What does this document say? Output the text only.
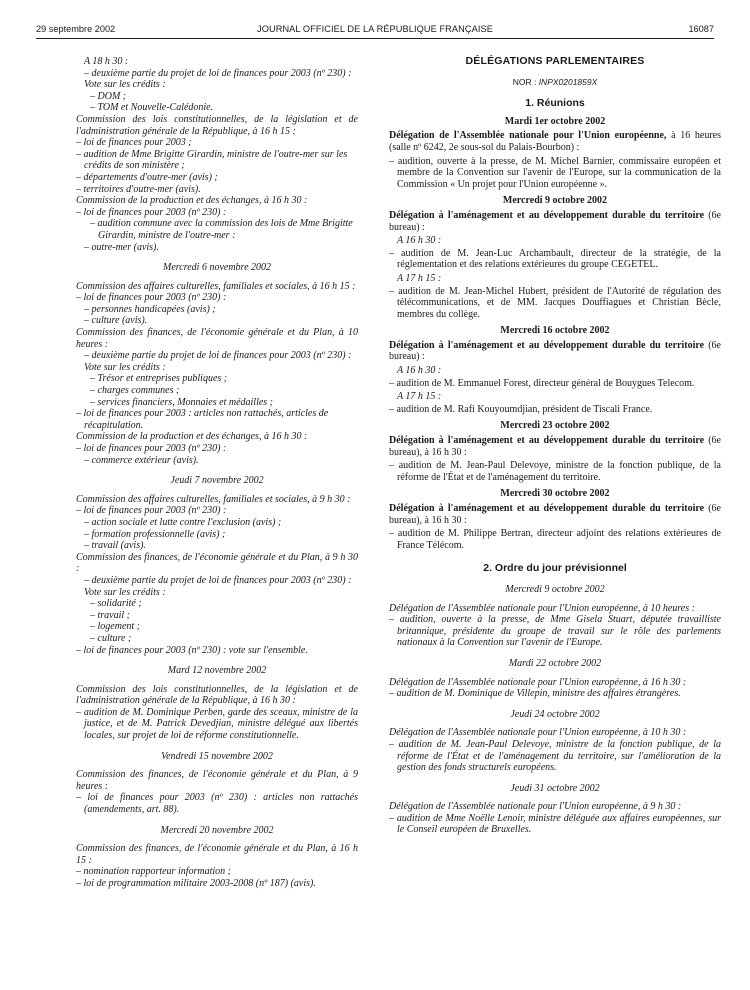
29 septembre 2002	JOURNAL OFFICIEL DE LA RÉPUBLIQUE FRANÇAISE	16087

A 18 h 30 :

– deuxième partie du projet de loi de finances pour 2003 (nº 230) :

Vote sur les crédits :

– DOM ;

– TOM et Nouvelle-Calédonie.

Commission des lois constitutionnelles, de la législation et de l'administration générale de la République, à 16 h 15 :

– loi de finances pour 2003 ;

– audition de Mme Brigitte Girardin, ministre de l'outre-mer sur les crédits de son ministère ;

– départements d'outre-mer (avis) ;

– territoires d'outre-mer (avis).

Commission de la production et des échanges, à 16 h 30 :

– loi de finances pour 2003 (nº 230) :

– audition commune avec la commission des lois de Mme Brigitte Girardin, ministre de l'outre-mer :

– outre-mer (avis).

Mercredi 6 novembre 2002

Commission des affaires culturelles, familiales et sociales, à 16 h 15 :

– loi de finances pour 2003 (nº 230) :

– personnes handicapées (avis) ;

– culture (avis).

Commission des finances, de l'économie générale et du Plan, à 10 heures :

– deuxième partie du projet de loi de finances pour 2003 (nº 230) :

Vote sur les crédits :

– Trésor et entreprises publiques ;

– charges communes ;

– services financiers, Monnaies et médailles ;

– loi de finances pour 2003 : articles non rattachés, articles de récapitulation.

Commission de la production et des échanges, à 16 h 30 :

– loi de finances pour 2003 (nº 230) :

– commerce extérieur (avis).

Jeudi 7 novembre 2002

Commission des affaires culturelles, familiales et sociales, à 9 h 30 :

– loi de finances pour 2003 (nº 230) :

– action sociale et lutte contre l'exclusion (avis) ;

– formation professionnelle (avis) ;

– travail (avis).

Commission des finances, de l'économie générale et du Plan, à 9 h 30 :

– deuxième partie du projet de loi de finances pour 2003 (nº 230) :

Vote sur les crédits :

– solidarité ;

– travail ;

– logement ;

– culture ;

– loi de finances pour 2003 (nº 230) : vote sur l'ensemble.

Mard 12 novembre 2002

Commission des lois constitutionnelles, de la législation et de l'administration générale de la République, à 16 h 30 :

– audition de M. Dominique Perben, garde des sceaux, ministre de la justice, et de M. Patrick Devedjian, ministre délégué aux libertés locales, sur projet de loi de réforme constitutionnelle.

Vendredi 15 novembre 2002

Commission des finances, de l'économie générale et du Plan, à 9 heures :

– loi de finances pour 2003 (nº 230) : articles non rattachés (amendements, art. 88).

Mercredi 20 novembre 2002

Commission des finances, de l'économie générale et du Plan, à 16 h 15 :

– nomination rapporteur information ;

– loi de programmation militaire 2003-2008 (nº 187) (avis).

DÉLÉGATIONS PARLEMENTAIRES
NOR : INPX0201859X
1. Réunions

Mardi 1er octobre 2002

Délégation de l'Assemblée nationale pour l'Union européenne, à 16 heures (salle nº 6242, 2e sous-sol du Palais-Bourbon) :

– audition, ouverte à la presse, de M. Michel Barnier, commissaire européen et membre de la Convention sur l'avenir de l'Europe, sur la communication de la Commission « Un projet pour l'Union européenne ».

Mercredi 9 octobre 2002

Délégation à l'aménagement et au développement durable du territoire (6e bureau) :

A 16 h 30 :

– audition de M. Jean-Luc Archambault, directeur de la stratégie, de la réglementation et des relations extérieures du groupe CEGETEL.

A 17 h 15 :

– audition de M. Jean-Michel Hubert, président de l'Autorité de régulation des télécommunications, et de MM. Jacques Douffiagues et Christian Bècle, membres du collège.

Mercredi 16 octobre 2002

Délégation à l'aménagement et au développement durable du territoire (6e bureau) :

A 16 h 30 :

– audition de M. Emmanuel Forest, directeur général de Bouygues Telecom.

A 17 h 15 :

– audition de M. Rafi Kouyoumdjian, président de Tiscali France.

Mercredi 23 octobre 2002

Délégation à l'aménagement et au développement durable du territoire (6e bureau), à 16 h 30 :

– audition de M. Jean-Paul Delevoye, ministre de la fonction publique, de la réforme de l'État et de l'aménagement du territoire.

Mercredi 30 octobre 2002

Délégation à l'aménagement et au développement durable du territoire (6e bureau), à 16 h 30 :

– audition de M. Philippe Bertran, directeur adjoint des relations extérieures de France Télécom.

2. Ordre du jour prévisionnel

Mercredi 9 octobre 2002

Délégation de l'Assemblée nationale pour l'Union européenne, à 10 heures :

– audition, ouverte à la presse, de Mme Gisela Stuart, députée travailliste britannique, présidente du groupe de travail sur le rôle des parlements nationaux à la Convention sur l'avenir de l'Europe.

Mardi 22 octobre 2002

Délégation de l'Assemblée nationale pour l'Union européenne, à 16 h 30 :

– audition de M. Dominique de Villepin, ministre des affaires étrangères.

Jeudi 24 octobre 2002

Délégation de l'Assemblée nationale pour l'Union européenne, à 10 h 30 :

– audition de M. Jean-Paul Delevoye, ministre de la fonction publique, de la réforme de l'État et de l'aménagement du territoire, sur l'amélioration de la gestion des fonds structurels européens.

Jeudi 31 octobre 2002

Délégation de l'Assemblée nationale pour l'Union européenne, à 9 h 30 :

– audition de Mme Noëlle Lenoir, ministre déléguée aux affaires européennes, sur le Conseil européen de Bruxelles.
